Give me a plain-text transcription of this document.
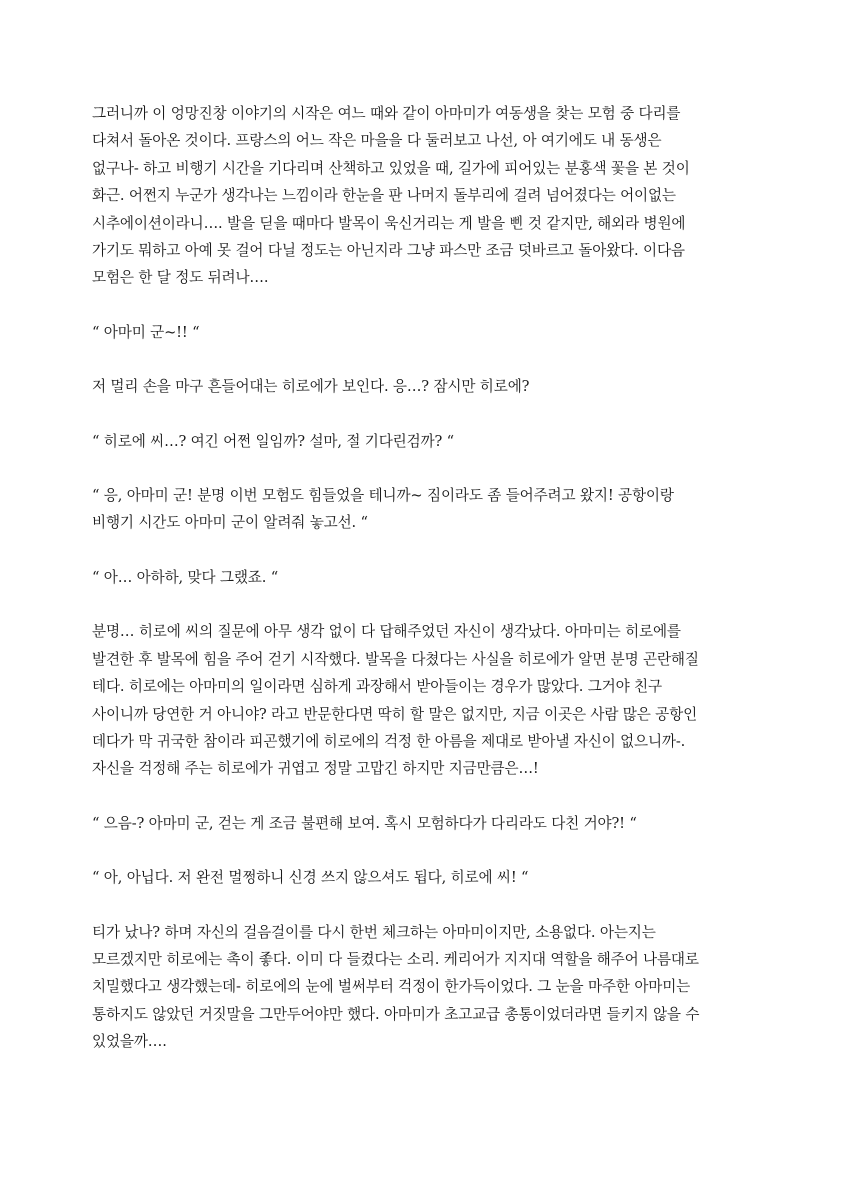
그러니까 이 엉망진창 이야기의 시작은 여느 때와 같이 아마미가 여동생을 찾는 모험 중 다리를
다쳐서 돌아온 것이다. 프랑스의 어느 작은 마을을 다 둘러보고 나선, 아 여기에도 내 동생은
없구나- 하고 비행기 시간을 기다리며 산책하고 있었을 때, 길가에 피어있는 분홍색 꽃을 본 것이
화근. 어쩐지 누군가 생각나는 느낌이라 한눈을 판 나머지 돌부리에 걸려 넘어졌다는 어이없는
시추에이션이라니…. 발을 딛을 때마다 발목이 욱신거리는 게 발을 삔 것 같지만, 해외라 병원에
가기도 뭐하고 아예 못 걸어 다닐 정도는 아닌지라 그냥 파스만 조금 덧바르고 돌아왔다. 이다음
모험은 한 달 정도 뒤려나….
“ 아마미 군~!! “
저 멀리 손을 마구 흔들어대는 히로에가 보인다. 응…? 잠시만 히로에?
“ 히로에 씨…? 여긴 어쩐 일임까? 설마, 절 기다린검까? “
“ 응, 아마미 군! 분명 이번 모험도 힘들었을 테니까~ 짐이라도 좀 들어주려고 왔지! 공항이랑
비행기 시간도 아마미 군이 알려줘 놓고선. “
“ 아… 아하하, 맞다 그랬죠. “
분명… 히로에 씨의 질문에 아무 생각 없이 다 답해주었던 자신이 생각났다. 아마미는 히로에를
발견한 후 발목에 힘을 주어 걷기 시작했다. 발목을 다쳤다는 사실을 히로에가 알면 분명 곤란해질
테다. 히로에는 아마미의 일이라면 심하게 과장해서 받아들이는 경우가 많았다. 그거야 친구
사이니까 당연한 거 아니야? 라고 반문한다면 딱히 할 말은 없지만, 지금 이곳은 사람 많은 공항인
데다가 막 귀국한 참이라 피곤했기에 히로에의 걱정 한 아름을 제대로 받아낼 자신이 없으니까-.
자신을 걱정해 주는 히로에가 귀엽고 정말 고맙긴 하지만 지금만큼은…!
“ 으음-? 아마미 군, 걷는 게 조금 불편해 보여. 혹시 모험하다가 다리라도 다친 거야?! “
“ 아, 아닙다. 저 완전 멀쩡하니 신경 쓰지 않으셔도 됩다, 히로에 씨! “
티가 났나? 하며 자신의 걸음걸이를 다시 한번 체크하는 아마미이지만, 소용없다. 아는지는
모르겠지만 히로에는 촉이 좋다. 이미 다 들켰다는 소리. 케리어가 지지대 역할을 해주어 나름대로
치밀했다고 생각했는데- 히로에의 눈에 벌써부터 걱정이 한가득이었다. 그 눈을 마주한 아마미는
통하지도 않았던 거짓말을 그만두어야만 했다. 아마미가 초고교급 총통이었더라면 들키지 않을 수
있었을까….
